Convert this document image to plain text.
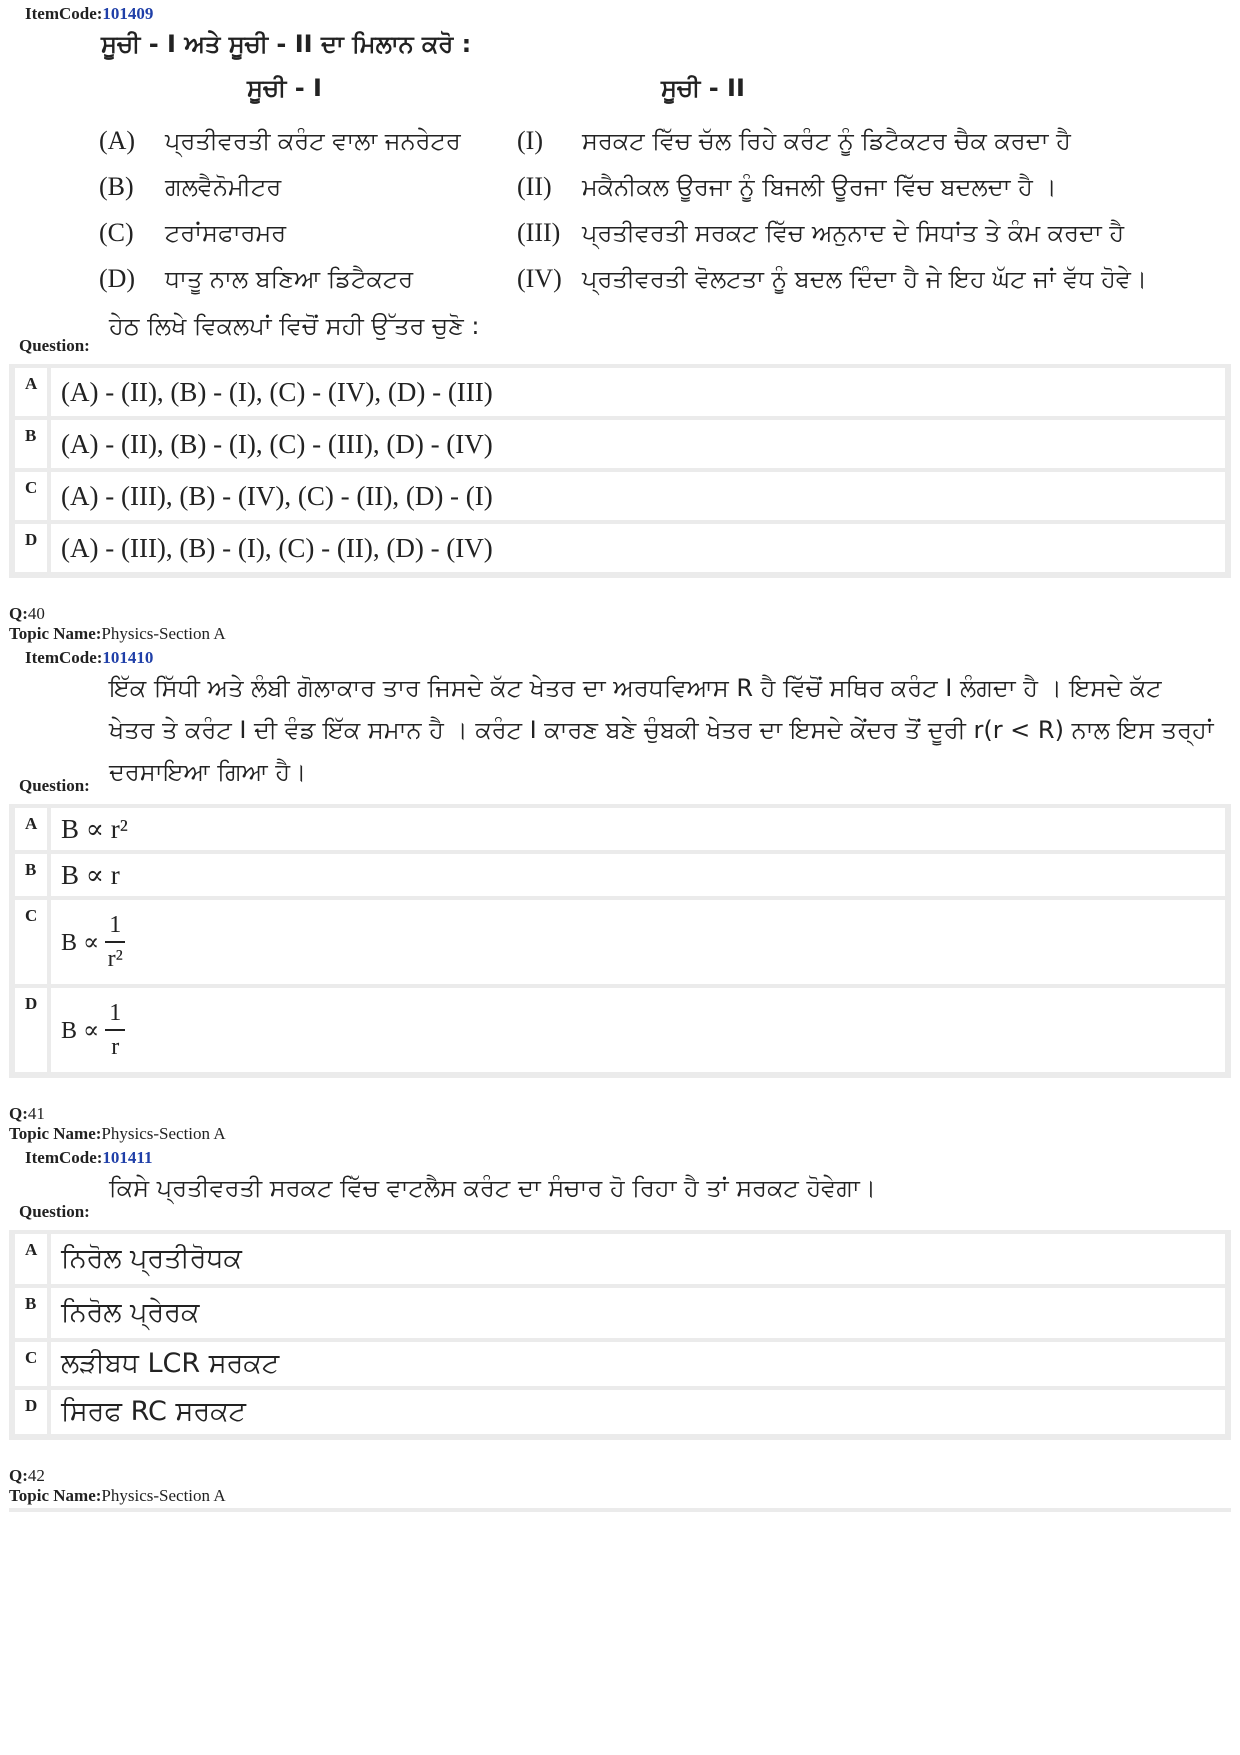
ItemCode:101409
ਸੂਚੀ - I ਅਤੇ ਸੂਚੀ - II ਦਾ ਮਿਲਾਨ ਕਰੋ :
ਸੂਚੀ - I	ਸੂਚੀ - II
(A)	ਪ੍ਰਤੀਵਰਤੀ ਕਰੰਟ ਵਾਲਾ ਜਨਰੇਟਰ	(I)	ਸਰਕਟ ਵਿੱਚ ਚੱਲ ਰਿਹੇ ਕਰੰਟ ਨੂੰ ਡਿਟੈਕਟਰ ਚੈਕ ਕਰਦਾ ਹੈ
(B)	ਗਲਵੈਨੋਮੀਟਰ	(II)	ਮਕੈਨੀਕਲ ਊਰਜਾ ਨੂੰ ਬਿਜਲੀ ਊਰਜਾ ਵਿੱਚ ਬਦਲਦਾ ਹੈ ।
(C)	ਟਰਾਂਸਫਾਰਮਰ	(III) ਪ੍ਰਤੀਵਰਤੀ ਸਰਕਟ ਵਿੱਚ ਅਨੁਨਾਦ ਦੇ ਸਿਧਾਂਤ ਤੇ ਕੰਮ ਕਰਦਾ ਹੈ
(D)	ਧਾਤੂ ਨਾਲ ਬਣਿਆ ਡਿਟੈਕਟਰ	(IV) ਪ੍ਰਤੀਵਰਤੀ ਵੋਲਟਤਾ ਨੂੰ ਬਦਲ ਦਿੰਦਾ ਹੈ ਜੇ ਇਹ ਘੱਟ ਜਾਂ ਵੱਧ ਹੋਵੇ।
ਹੇਠ ਲਿਖੇ ਵਿਕਲਪਾਂ ਵਿਚੋਂ ਸਹੀ ਉੱਤਰ ਚੁਣੋ :
Question:
A (A) - (II), (B) - (I), (C) - (IV), (D) - (III)
B (A) - (II), (B) - (I), (C) - (III), (D) - (IV)
C (A) - (III), (B) - (IV), (C) - (II), (D) - (I)
D (A) - (III), (B) - (I), (C) - (II), (D) - (IV)
Q:40
Topic Name:Physics-Section A
ItemCode:101410
ਇੱਕ ਸਿੱਧੀ ਅਤੇ ਲੰਬੀ ਗੋਲਾਕਾਰ ਤਾਰ ਜਿਸਦੇ ਕੱਟ ਖੇਤਰ ਦਾ ਅਰਧਵਿਆਸ R ਹੈ ਵਿੱਚੋਂ ਸਥਿਰ ਕਰੰਟ I ਲੰਗਦਾ ਹੈ । ਇਸਦੇ ਕੱਟ
ਖੇਤਰ ਤੇ ਕਰੰਟ I ਦੀ ਵੰਡ ਇੱਕ ਸਮਾਨ ਹੈ । ਕਰੰਟ I ਕਾਰਣ ਬਣੇ ਚੁੰਬਕੀ ਖੇਤਰ ਦਾ ਇਸਦੇ ਕੇਂਦਰ ਤੋਂ ਦੂਰੀ r(r < R) ਨਾਲ ਇਸ ਤਰ੍ਹਾਂ
ਦਰਸਾਇਆ ਗਿਆ ਹੈ।
Question:
A B ∝ r²
B B ∝ r
C
$B \propto \frac{1}{\text{r²}}$
D
$B \propto \frac{1}{r}$
Q:41
Topic Name:Physics-Section A
ItemCode:101411
ਕਿਸੇ ਪ੍ਰਤੀਵਰਤੀ ਸਰਕਟ ਵਿੱਚ ਵਾਟਲੈਸ ਕਰੰਟ ਦਾ ਸੰਚਾਰ ਹੋ ਰਿਹਾ ਹੈ ਤਾਂ ਸਰਕਟ ਹੋਵੇਗਾ।
Question:
A ਨਿਰੋਲ ਪ੍ਰਤੀਰੋਧਕ
B ਨਿਰੋਲ ਪ੍ਰੇਰਕ
C ਲੜੀਬਧ LCR ਸਰਕਟ
D ਸਿਰਫ RC ਸਰਕਟ
Q:42
Topic Name:Physics-Section A
